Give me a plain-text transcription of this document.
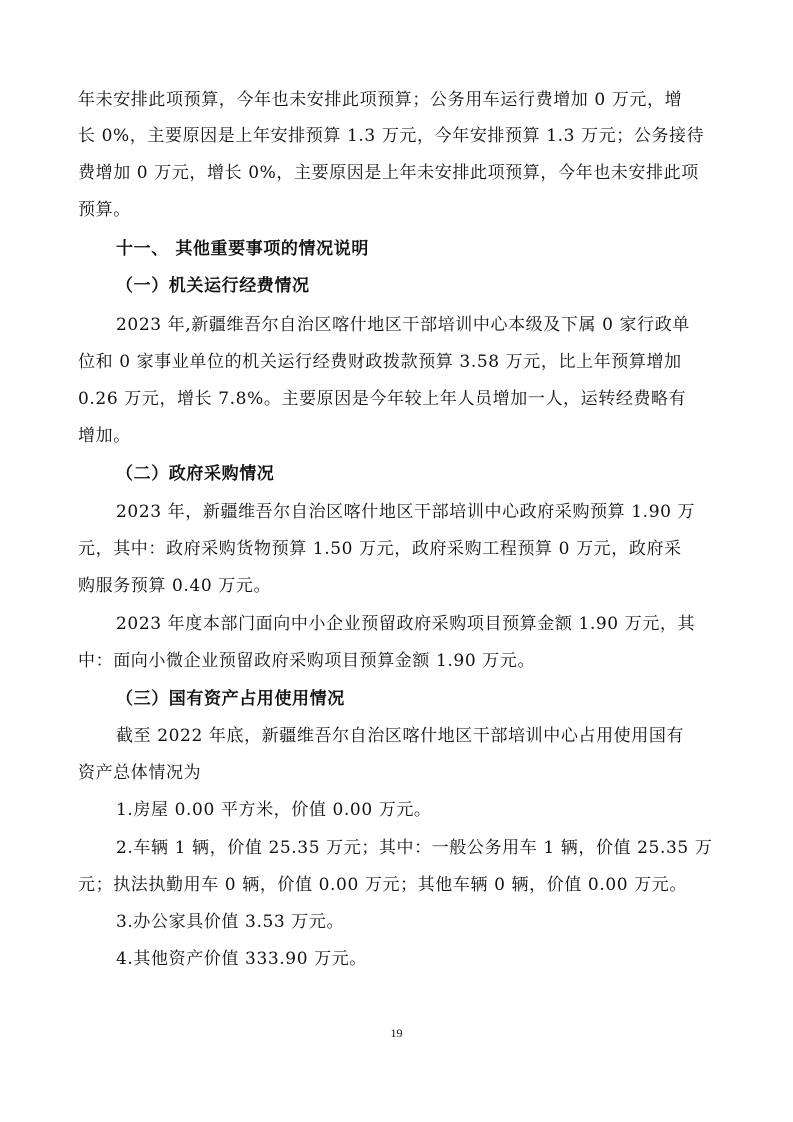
年未安排此项预算，今年也未安排此项预算；公务用车运行费增加 0 万元，增
长 0%，主要原因是上年安排预算 1.3 万元，今年安排预算 1.3 万元；公务接待
费增加 0 万元，增长 0%，主要原因是上年未安排此项预算，今年也未安排此项
预算。
十一、 其他重要事项的情况说明
（一）机关运行经费情况
2023 年,新疆维吾尔自治区喀什地区干部培训中心本级及下属 0 家行政单
位和 0 家事业单位的机关运行经费财政拨款预算 3.58 万元，比上年预算增加
0.26 万元，增长 7.8%。主要原因是今年较上年人员增加一人，运转经费略有
增加。
（二）政府采购情况
2023 年，新疆维吾尔自治区喀什地区干部培训中心政府采购预算 1.90 万
元，其中：政府采购货物预算 1.50 万元，政府采购工程预算 0 万元，政府采
购服务预算 0.40 万元。
2023 年度本部门面向中小企业预留政府采购项目预算金额 1.90 万元，其
中：面向小微企业预留政府采购项目预算金额 1.90 万元。
（三）国有资产占用使用情况
截至 2022 年底，新疆维吾尔自治区喀什地区干部培训中心占用使用国有
资产总体情况为
1.房屋 0.00 平方米，价值 0.00 万元。
2.车辆 1 辆，价值 25.35 万元；其中：一般公务用车 1 辆，价值 25.35 万
元；执法执勤用车 0 辆，价值 0.00 万元；其他车辆 0 辆，价值 0.00 万元。
3.办公家具价值 3.53 万元。
4.其他资产价值 333.90 万元。
19
